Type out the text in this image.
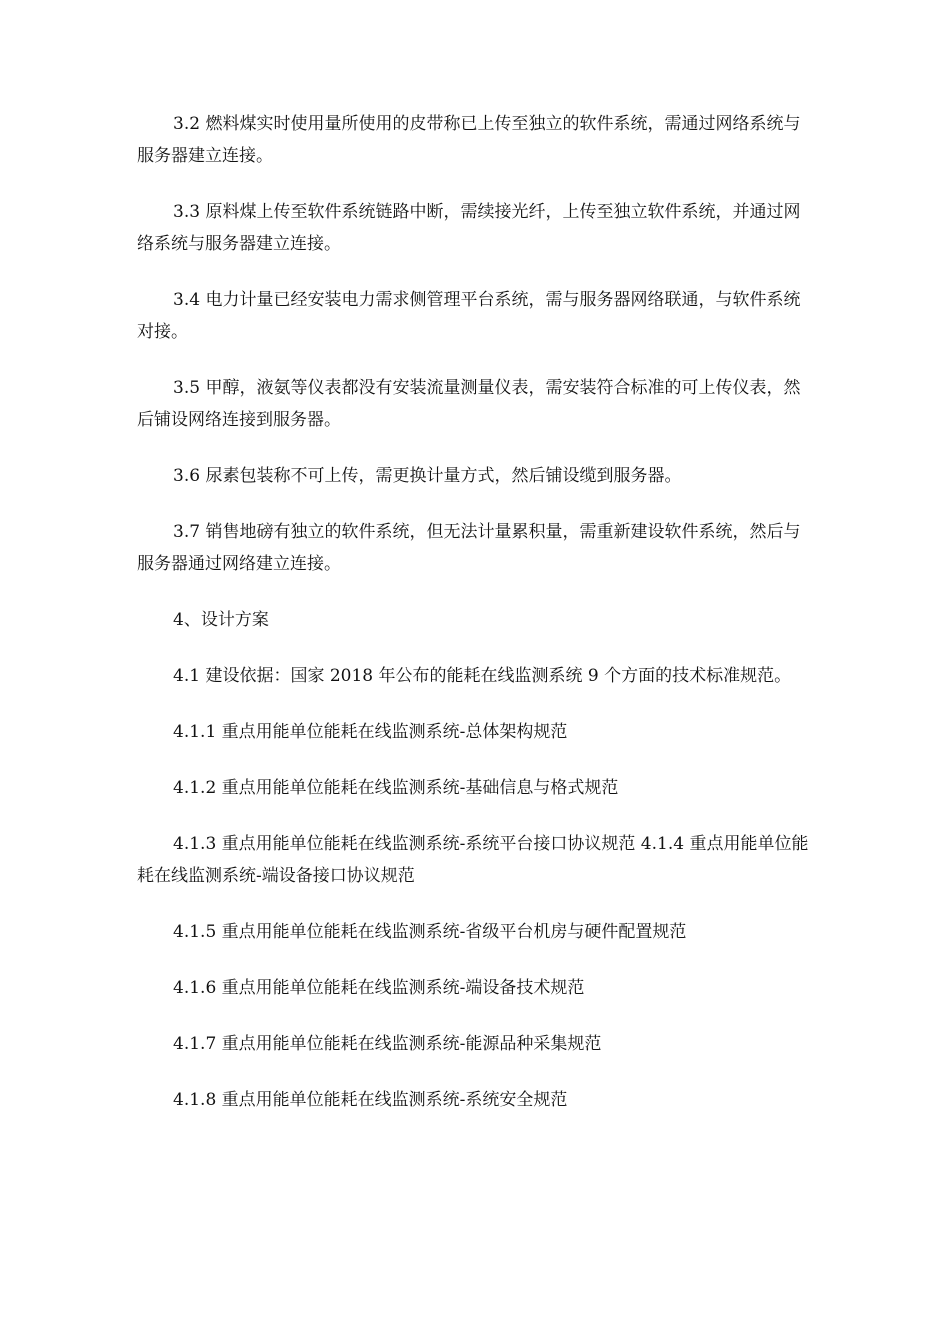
3.2 燃料煤实时使用量所使用的皮带称已上传至独立的软件系统，需通过网络系统与服务器建立连接。

3.3 原料煤上传至软件系统链路中断，需续接光纤，上传至独立软件系统，并通过网络系统与服务器建立连接。

3.4 电力计量已经安装电力需求侧管理平台系统，需与服务器网络联通，与软件系统对接。

3.5 甲醇，液氨等仪表都没有安装流量测量仪表，需安装符合标准的可上传仪表，然后铺设网络连接到服务器。

3.6 尿素包装称不可上传，需更换计量方式，然后铺设缆到服务器。

3.7 销售地磅有独立的软件系统，但无法计量累积量，需重新建设软件系统，然后与服务器通过网络建立连接。

4、设计方案

4.1 建设依据：国家 2018 年公布的能耗在线监测系统 9 个方面的技术标准规范。

4.1.1 重点用能单位能耗在线监测系统-总体架构规范

4.1.2 重点用能单位能耗在线监测系统-基础信息与格式规范

4.1.3 重点用能单位能耗在线监测系统-系统平台接口协议规范 4.1.4 重点用能单位能耗在线监测系统-端设备接口协议规范

4.1.5 重点用能单位能耗在线监测系统-省级平台机房与硬件配置规范

4.1.6 重点用能单位能耗在线监测系统-端设备技术规范

4.1.7 重点用能单位能耗在线监测系统-能源品种采集规范

4.1.8 重点用能单位能耗在线监测系统-系统安全规范
